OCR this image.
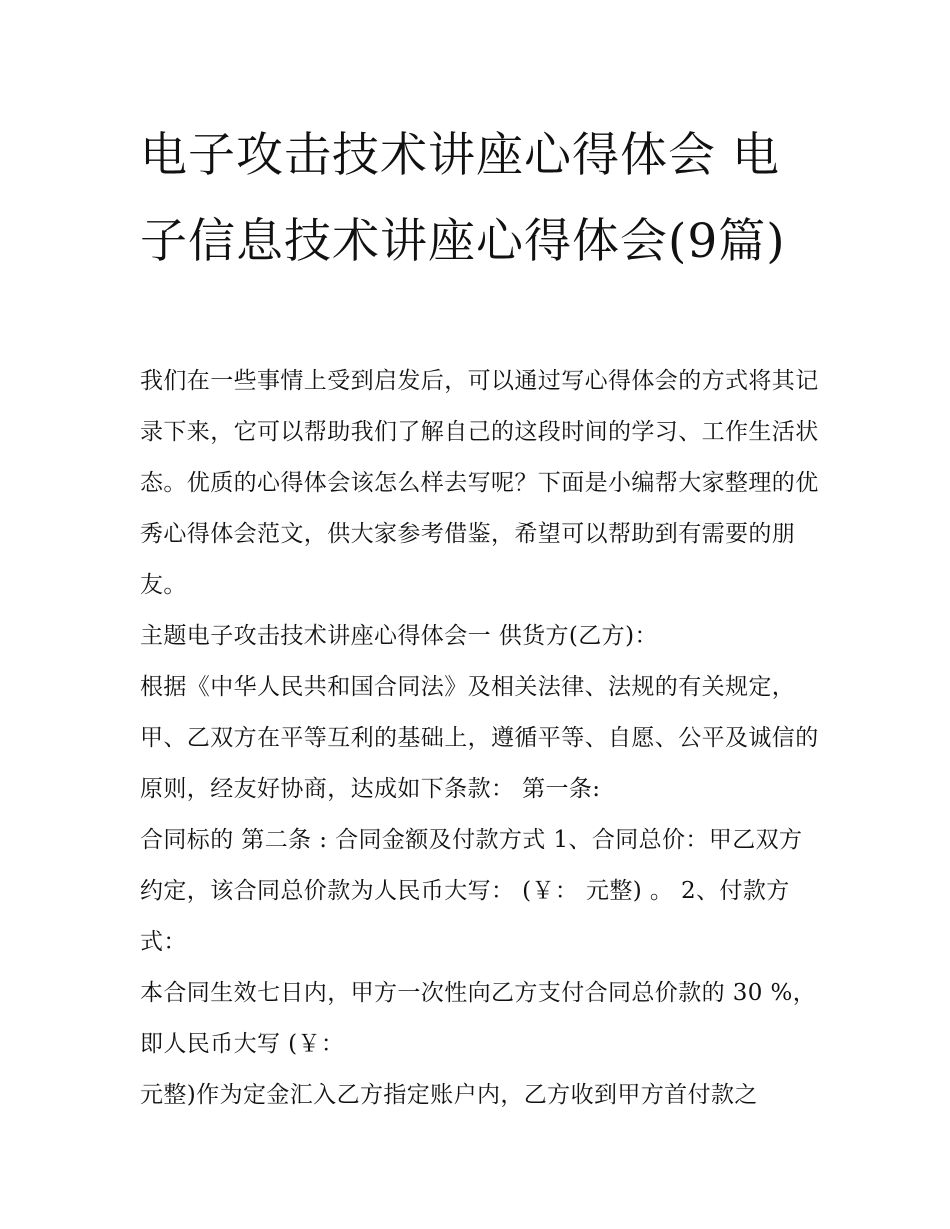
电子攻击技术讲座心得体会 电子信息技术讲座心得体会(9篇)

我们在一些事情上受到启发后，可以通过写心得体会的方式将其记录下来，它可以帮助我们了解自己的这段时间的学习、工作生活状态。优质的心得体会该怎么样去写呢？下面是小编帮大家整理的优秀心得体会范文，供大家参考借鉴，希望可以帮助到有需要的朋友。

主题电子攻击技术讲座心得体会一 供货方(乙方)：

根据《中华人民共和国合同法》及相关法律、法规的有关规定，甲、乙双方在平等互利的基础上，遵循平等、自愿、公平及诚信的原则，经友好协商，达成如下条款： 第一条:

合同标的 第二条 : 合同金额及付款方式 1、合同总价：甲乙双方约定，该合同总价款为人民币大写： (￥： 元整) 。 2、付款方式：

本合同生效七日内，甲方一次性向乙方支付合同总价款的 30 %，即人民币大写 (￥：

元整)作为定金汇入乙方指定账户内，乙方收到甲方首付款之
